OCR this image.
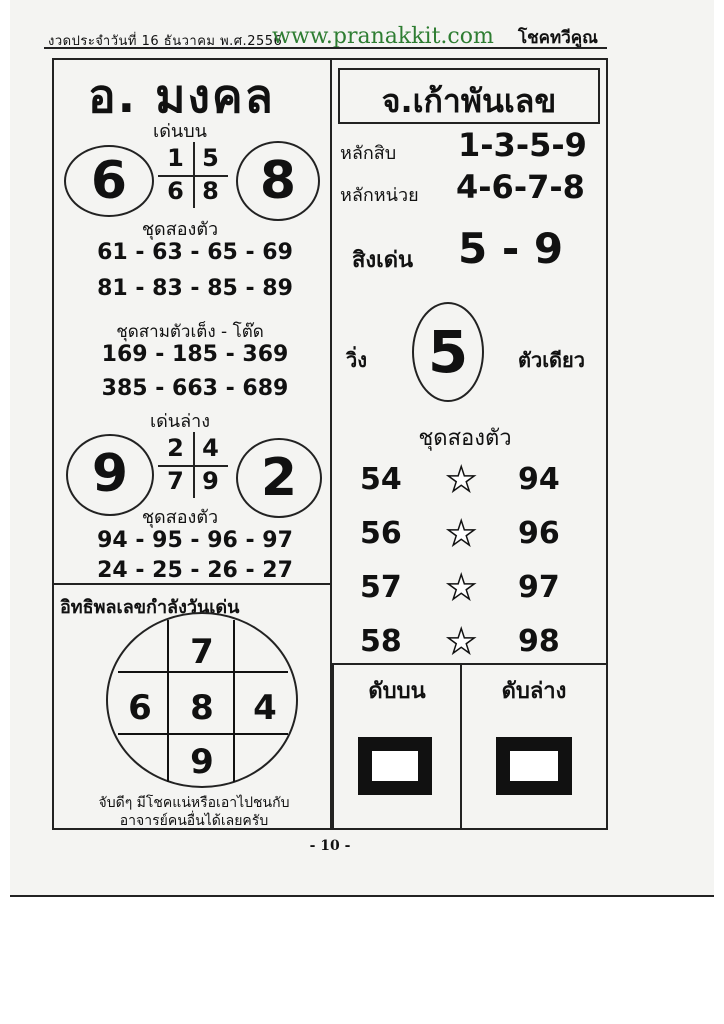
งวดประจำวันที่ 16 ธันวาคม พ.ศ.2556
www.pranakkit.com โชคทวีคูณ
อ. มงคล
เด่นบน
6	1 5
6 8 8
ชุดสองตัว
61 - 63 - 65 - 69
81 - 83 - 85 - 89
ชุดสามตัวเต็ง - โต๊ด
169 - 185 - 369
385 - 663 - 689
เด่นล่าง
9	2 4
7 9 2
ชุดสองตัว
94 - 95 - 96 - 97
24 - 25 - 26 - 27
อิทธิพลเลขกำลังวันเด่น
7
6	8	4
9
จับดีๆ มีโชคแน่หรือเอาไปชนกับ
อาจารย์คนอื่นได้เลยครับ
จ.เก้าพันเลข
หลักสิบ 1-3-5-9
หลักหน่วย 4-6-7-8
สิงเด่น 5 - 9
วิ่ง 5	ตัวเดียว
ชุดสองตัว
54 ★ 94
56 ★ 96
57 ★ 97
58 ★ 98
ดับบน	ดับล่าง
- 10 -
